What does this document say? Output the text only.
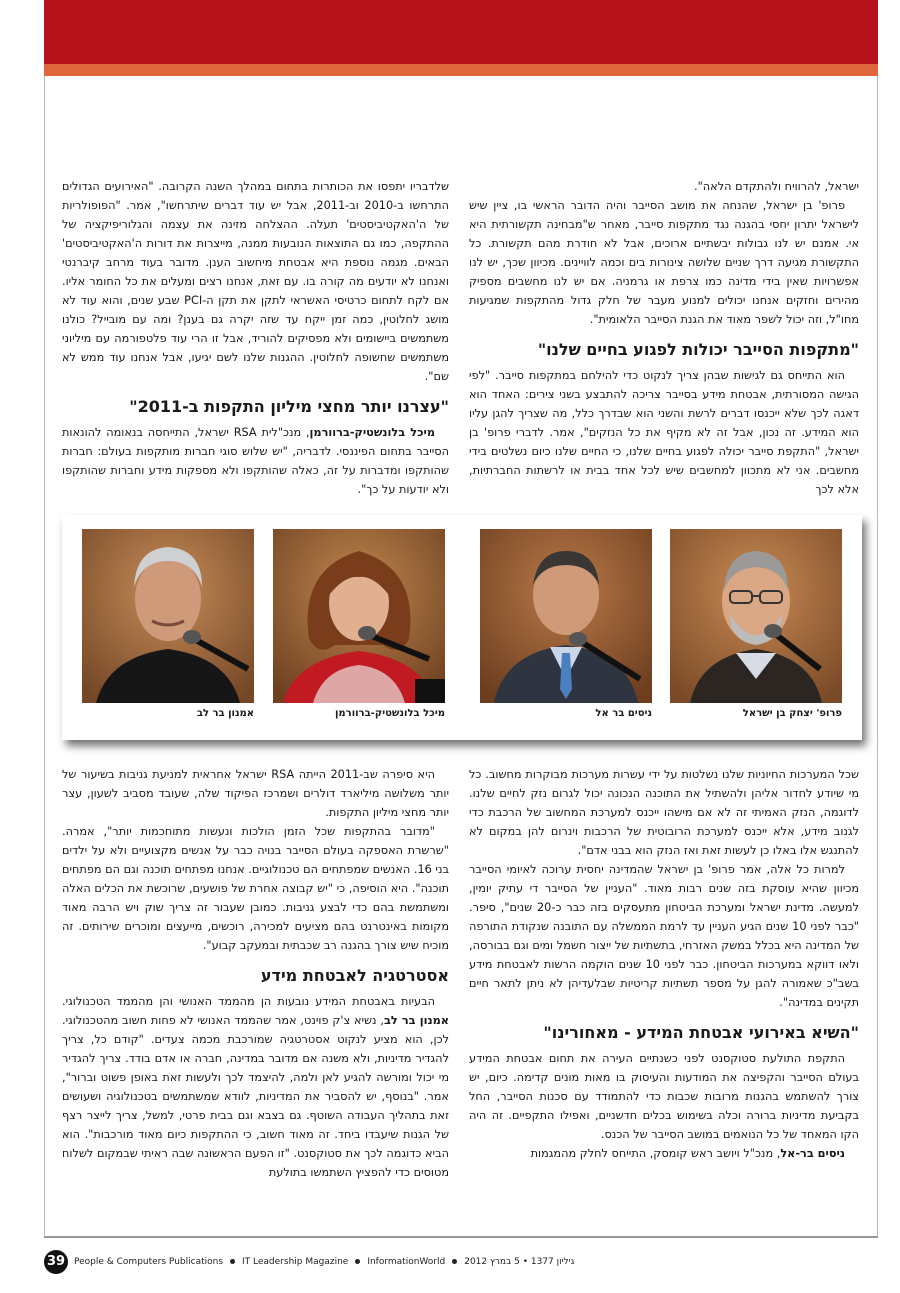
ישראל, להרוויח ולהתקדם הלאה".

פרופ' בן ישראל, שהנחה את מושב הסייבר והיה הדובר הראשי בו, ציין שיש לישראל יתרון יחסי בהגנה נגד מתקפות סייבר, מאחר ש"מבחינה תקשורתית היא אי. אמנם יש לנו גבולות יבשתיים ארוכים, אבל לא חודרת מהם תקשורת. כל התקשורת מגיעה דרך שניים שלושה צינורות בים וכמה לוויינים. מכיוון שכך, יש לנו אפשרויות שאין בידי מדינה כמו צרפת או גרמניה. אם יש לנו מחשבים מספיק מהירים וחזקים אנחנו יכולים למנוע מעבר של חלק גדול מהתקפות שמגיעות מחו"ל, וזה יכול לשפר מאוד את הגנת הסייבר הלאומית".

"מתקפות הסייבר יכולות לפגוע בחיים שלנו"

הוא התייחס גם לגישות שבהן צריך לנקוט כדי להילחם במתקפות סייבר. "לפי הגישה המסורתית, אבטחת מידע בסייבר צריכה להתבצע בשני צירים: האחד הוא דאגה לכך שלא ייכנסו דברים לרשת והשני הוא שבדרך כלל, מה שצריך להגן עליו הוא המידע. זה נכון, אבל זה לא מקיף את כל הנזקים", אמר. לדברי פרופ' בן ישראל, "התקפת סייבר יכולה לפגוע בחיים שלנו, כי החיים שלנו כיום נשלטים בידי מחשבים. אני לא מתכוון למחשבים שיש לכל אחד בבית או לרשתות החברתיות, אלא לכך

שלדבריו יתפסו את הכותרות בתחום במהלך השנה הקרובה. "האירועים הגדולים התרחשו ב-2010 וב-2011, אבל יש עוד דברים שיתרחשו", אמר. "הפופולריות של ה'האקטיביסטים' תעלה. ההצלחה מזינה את עצמה והגלוריפיקציה של ההתקפה, כמו גם התוצאות הנובעות ממנה, מייצרות את דורות ה'האקטיביסטים' הבאים. מגמה נוספת היא אבטחת מיחשוב הענן. מדובר בעוד מרחב קיברנטי ואנחנו לא יודעים מה קורה בו. עם זאת, אנחנו רצים ומעלים את כל החומר אליו. אם לקח לתחום כרטיסי האשראי לתקן את תקן ה-PCI שבע שנים, והוא עוד לא מושג לחלוטין, כמה זמן ייקח עד שזה יקרה גם בענן? ומה עם מובייל? כולנו משתמשים ביישומים ולא מפסיקים להוריד, אבל זו הרי עוד פלטפורמה עם מיליוני משתמשים שחשופה לחלוטין. ההגנות שלנו לשם יגיעו, אבל אנחנו עוד ממש לא שם".

"עצרנו יותר מחצי מיליון התקפות ב-2011"

מיכל בלונשטיק-ברוורמן, מנכ"לית RSA ישראל, התייחסה בנאומה להונאות הסייבר בתחום הפיננסי. לדבריה, "יש שלוש סוגי חברות מותקפות בעולם: חברות שהותקפו ומדברות על זה, כאלה שהותקפו ולא מספקות מידע וחברות שהותקפו ולא יודעות על כך".

פרופ' יצחק בן ישראל
ניסים בר אל
מיכל בלונשטיק-ברוורמן
אמנון בר לב

שכל המערכות החיוניות שלנו נשלטות על ידי עשרות מערכות מבוקרות מחשוב. כל מי שיודע לחדור אליהן ולהשתיל את התוכנה הנכונה יכול לגרום נזק לחיים שלנו. לדוגמה, הנזק האמיתי זה לא אם מישהו ייכנס למערכת המחשוב של הרכבת כדי לגנוב מידע, אלא ייכנס למערכת הרובוטית של הרכבות וינרום להן במקום לא להתנגש אלו באלו כן לעשות זאת ואז הנזק הוא בבני אדם".

למרות כל אלה, אמר פרופ' בן ישראל שהמדינה יחסית ערוכה לאיומי הסייבר מכיוון שהיא עוסקת בזה שנים רבות מאוד. "העניין של הסייבר די עתיק יומין, למעשה. מדינת ישראל ומערכת הביטחון מתעסקים בזה כבר כ-20 שנים", סיפר. "כבר לפני 10 שנים הגיע העניין עד לרמת הממשלה עם התובנה שנקודת התורפה של המדינה היא בכלל במשק האזרחי, בתשתיות של ייצור חשמל ומים וגם בבורסה, ולאו דווקא במערכות הביטחון. כבר לפני 10 שנים הוקמה הרשות לאבטחת מידע בשב"כ שאמורה להגן על מספר תשתיות קריטיות שבלעדיהן לא ניתן לתאר חיים תקינים במדינה".

"השיא באירועי אבטחת המידע - מאחורינו"

התקפת התולעת סטוקסנט לפני כשנתיים העירה את תחום אבטחת המידע בעולם הסייבר והקפיצה את המודעות והעיסוק בו מאות מונים קדימה. כיום, יש צורך להשתמש בהגנות מרובות שכבות כדי להתמודד עם סכנות הסייבר, החל בקביעת מדיניות ברורה וכלה בשימוש בכלים חדשניים, ואפילו התקפיים. זה היה הקו המאחד של כל הנואמים במושב הסייבר של הכנס.

ניסים בר-אל, מנכ"ל ויושב ראש קומסק, התייחס לחלק מהמגמות

היא סיפרה שב-2011 הייתה RSA ישראל אחראית למניעת גניבות בשיעור של יותר משלושה מיליארד דולרים ושמרכז הפיקוד שלה, שעובד מסביב לשעון, עצר יותר מחצי מיליון התקפות.

"מדובר בהתקפות שכל הזמן הולכות ונעשות מתוחכמות יותר", אמרה. "שרשרת האספקה בעולם הסייבר בנויה כבר על אנשים מקצועיים ולא על ילדים בני 16. האנשים שמפתחים הם טכנולוגיים. אנחנו מפתחים תוכנה וגם הם מפתחים תוכנה". היא הוסיפה, כי "יש קבוצה אחרת של פושעים, שרוכשת את הכלים האלה ומשתמשת בהם כדי לבצע גניבות. כמובן שעבור זה צריך שוק ויש הרבה מאוד מקומות באינטרנט בהם מציעים למכירה, רוכשים, מייעצים ומוכרים שירותים. זה מוכיח שיש צורך בהגנה רב שכבתית ובמעקב קבוע".

אסטרטגיה לאבטחת מידע

הבעיות באבטחת המידע נובעות הן מהממד האנושי והן מהממד הטכנולוגי. אמנון בר לב, נשיא צ'ק פוינט, אמר שהממד האנושי לא פחות חשוב מהטכנולוגי. לכן, הוא מציע לנקוט אסטרטגיה שמורכבת מכמה צעדים. "קודם כל, צריך להגדיר מדיניות, ולא משנה אם מדובר במדינה, חברה או אדם בודד. צריך להגדיר מי יכול ומורשה להגיע לאן ולמה, להיצמד לכך ולעשות זאת באופן פשוט וברור", אמר. "בנוסף, יש להסביר את המדיניות, לוודא שמשתמשים בטכנולוגיה ושעושים זאת בתהליך העבודה השוטף. גם בצבא וגם בבית פרטי, למשל, צריך לייצר רצף של הגנות שיעבדו ביחד. זה מאוד חשוב, כי ההתקפות כיום מאוד מורכבות". הוא הביא כדוגמה לכך את סטוקסנט. "זו הפעם הראשונה שבה ראיתי שבמקום לשלוח מטוסים כדי להפציץ השתמשו בתולעת

39 People & Computers Publications IT Leadership Magazine InformationWorld גיליון 1377 • 5 במרץ 2012
